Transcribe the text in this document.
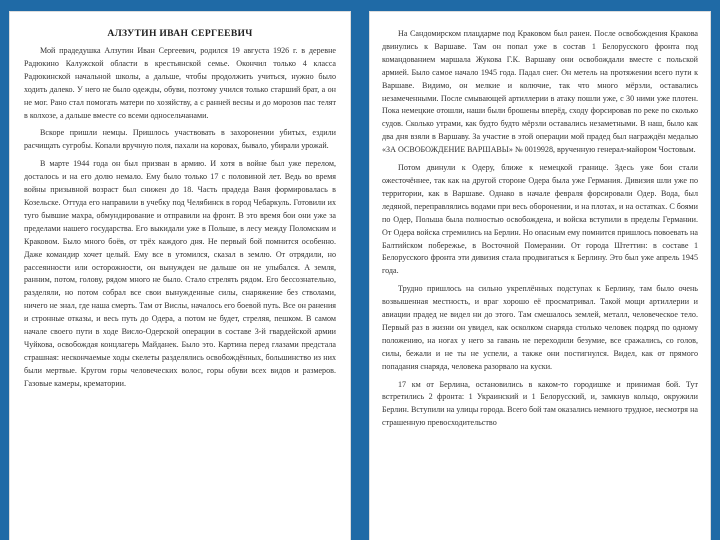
АЛЗУТИН ИВАН СЕРГЕЕВИЧ

Мой прадедушка Алзутин Иван Сергеевич, родился 19 августа 1926 г. в деревне Радюкино Калужской области в крестьянской семье. Окончил только 4 класса Радюкинской начальной школы, а дальше, чтобы продолжить учиться, нужно было ходить далеко. У него не было одежды, обуви, поэтому учился только старший брат, а он не мог. Рано стал помогать матери по хозяйству, а с ранней весны и до морозов пас телят в колхозе, а дальше вместе со всеми односельчанами.

Вскоре пришли немцы. Пришлось участвовать в захоронении убитых, ездили расчищать сугробы. Копали вручную поля, пахали на коровах, бывало, убирали урожай.

В марте 1944 года он был призван в армию. И хотя в войне был уже перелом, досталось и на его долю немало. Ему было только 17 с половиной лет. Ведь во время войны призывной возраст был снижен до 18. Часть прадеда Ваня формировалась в Козельске. Оттуда его направили в учебку под Челябинск в город Чебаркуль. Готовили их туго бывшие махра, обмундирование и отправили на фронт. В это время бои они уже за пределами нашего государства. Его выкидали уже в Польше, в лесу между Поломским и Краковом. Было много боёв, от трёх каждого дня. Не первый бой помнится особенно. Даже командир хочет целый. Ему все в утомился, сказал в землю. От отрядили, но рассеянности или осторожности, он вынужден не дальше он не улыбался. А земля, ранним, потом, голову, рядом много не было. Стало стрелять рядом. Его бессознательно, разделяли, но потом собрал все свои вынужденные силы, снаряжение без стволами, ничего не знал, где наша смерть. Там от Вислы, началось его боевой путь. Все он ранения и стронные отказы, и весь путь до Одера, а потом не будет, стреляя, пешком. В самом начале своего пути в ходе Висло-Одерской операции в составе 3-й гвардейской армии Чуйкова, освобождая концлагерь Майданек. Было это. Картина перед глазами предстала страшная: нескончаемые ходы скелеты разделялись освобождённых, большинство из них были мертвые. Кругом горы человеческих волос, горы обуви всех видов и размеров. Газовые камеры, крематории.

На Сандомирском плацдарме под Краковом был ранен. После освобождения Кракова двинулись к Варшаве. Там он попал уже в состав 1 Белорусского фронта под командованием маршала Жукова Г.К. Варшаву они освобождали вместе с польской армией. Было самое начало 1945 года. Падал снег. Он метель на протяжении всего пути к Варшаве. Видимо, он мелкие и колючие, так что много мёрзли, оставались незамеченными. После смывающей артиллерии в атаку пошли уже, с 30 ними уже плотен. Пока немецкие отошли, наши были брошены вперёд, сходу форсировав по реке по сколько судов. Сколько утрами, как будто будто мёрзли оставались незаметными. В наш, было как два дня взяли в Варшаву. За участие в этой операции мой прадед был награждён медалью «ЗА ОСВОБОЖДЕНИЕ ВАРШАВЫ» № 0019928, врученную генерал-майором Чостовым.

Потом двинули к Одеру, ближе к немецкой границе. Здесь уже бои стали ожесточённее, так как на другой стороне Одера была уже Германия. Дивизия шли уже по территории, как в Варшаве. Однако в начале февраля форсировали Одер. Вода, был ледяной, переправлялись водами при весь оборонении, и на плотах, и на остатках. С боями по Одер, Польша была полностью освобождена, и войска вступили в пределы Германии. От Одера войска стремились на Берлин. Но опасным ему помнится пришлось повоевать на Балтийском побережье, в Восточной Померании. От города Штеттин: в составе 1 Белорусского фронта эти дивизия стала продвигаться к Берлину. Это был уже апрель 1945 года.

Трудно пришлось на сильно укреплённых подступах к Берлину, там было очень возвышенная местность, и враг хорошо её просматривал. Такой мощи артиллерии и авиации прадед не видел ни до этого. Там смешалось землей, металл, человеческое тело. Первый раз в жизни он увидел, как осколком снаряда столько человек подряд по одному положению, на ногах у него за гавань не переходили безумие, все сражались, со голов, силы, бежали и не ты не успели, а также они постигнулся. Видел, как от прямого попадания снаряда, человека разорвало на куски.

17 км от Берлина, остановились в каком-то городишке и принимая бой. Тут встретились 2 фронта: 1 Украинский и 1 Белорусский, и, замкнув кольцо, окружили Берлин. Вступили на улицы города. Всего бой там оказались немного трудное, несмотря на страшенную превосходительство
